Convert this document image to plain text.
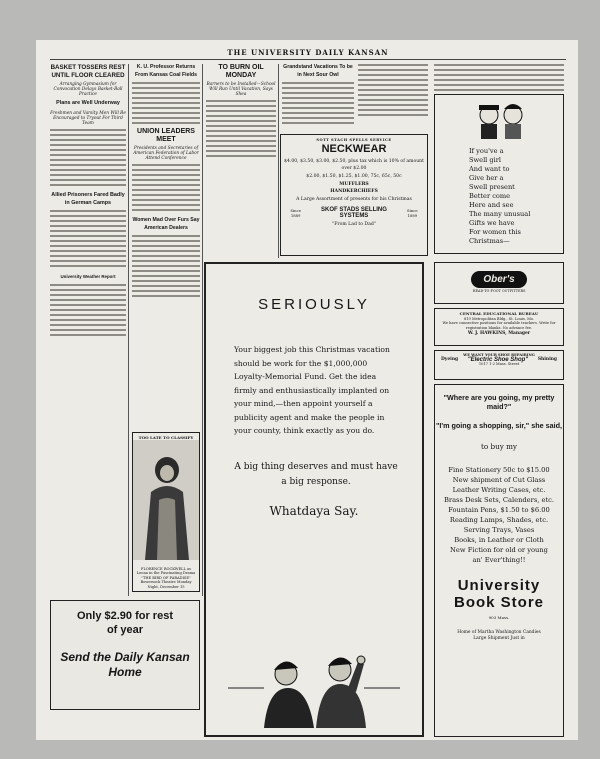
THE UNIVERSITY DAILY KANSAN
BASKET TOSSERS REST UNTIL FLOOR CLEARED
Arranging Gymnasium for Convocation Delays Basket-Ball Practice
Plans are Well Underway
Freshmen and Varsity Men Will Be Encouraged to Tryout For Third Team
Allied Prisoners Fared Badly in German Camps
University Weather Report
K. U. Professor Returns From Kansas Coal Fields
UNION LEADERS MEET
Presidents and Secretaries of American Federation of Labor Attend Conference
Women Mad Over Furs Say American Dealers
TOO LATE TO CLASSIFY
FLORENCE ROCKWELL as Leona in the Fascinating Drama "THE BIRD OF PARADISE" Bowersock Theatre Monday Night, December 15
TO BURN OIL MONDAY
Barners to be Installed—School Will Run Until Vacation, Says Shea
Grandstand Vacations To be in Next Sour Owl
SOTT STACH SPELLS SERVICE
NECKWEAR
$4.00, $3.50, $3.00, $2.50, plus tax which is 10% of amount over $2.00
$2.00, $1.50, $1.25, $1.00, 75c, 65c, 50c
MUFFLERS
HANDKERCHIEFS
A Large Assortment of presents for his Christmas
Since 1889
SKOF STADS SELLING SYSTEMS
Since 1889
"From Lad to Dad"
If you've a
Swell girl
And want to
Give her a
Swell present
Better come
Here and see
The many unusual
Gifts we have
For women this
Christmas—
Ober's
HEAD-TO-FOOT OUTFITTERS
CENTRAL EDUCATIONAL BUREAU
819 Metropolitan Bldg., St. Louis, Mo.
We have connective positions for available teachers. Write for registration blanks. No advance fee.
W. J. HAWKINS, Manager
WE WANT YOUR SHOE REPAIRING
Dyeing "Electric Shoe Shop" Shining
1017 1-2 Mass. Street
SERIOUSLY
Your biggest job this Christmas vacation should be work for the $1,000,000 Loyalty-Memorial Fund. Get the idea firmly and enthusiastically implanted on your mind,—then appoint yourself a publicity agent and make the people in your county, think exactly as you do.
A big thing deserves and must have a big response.
Whatdaya Say.
Only $2.90 for rest
of year
Send the Daily Kansan Home
"Where are you going, my pretty maid?"
"I'm going a shopping, sir," she said,
to buy my
Fine Stationery 50c to $15.00
New shipment of Cut Glass
Leather Writing Cases, etc.
Brass Desk Sets, Calenders, etc.
Fountain Pens, $1.50 to $6.00
Reading Lamps, Shades, etc.
Serving Trays, Vases
Books, in Leather or Cloth
New Fiction for old or young
an' Ever'thing!!
University
Book Store
903 Mass.
Home of Martha Washington Candies
Large Shipment Just in
